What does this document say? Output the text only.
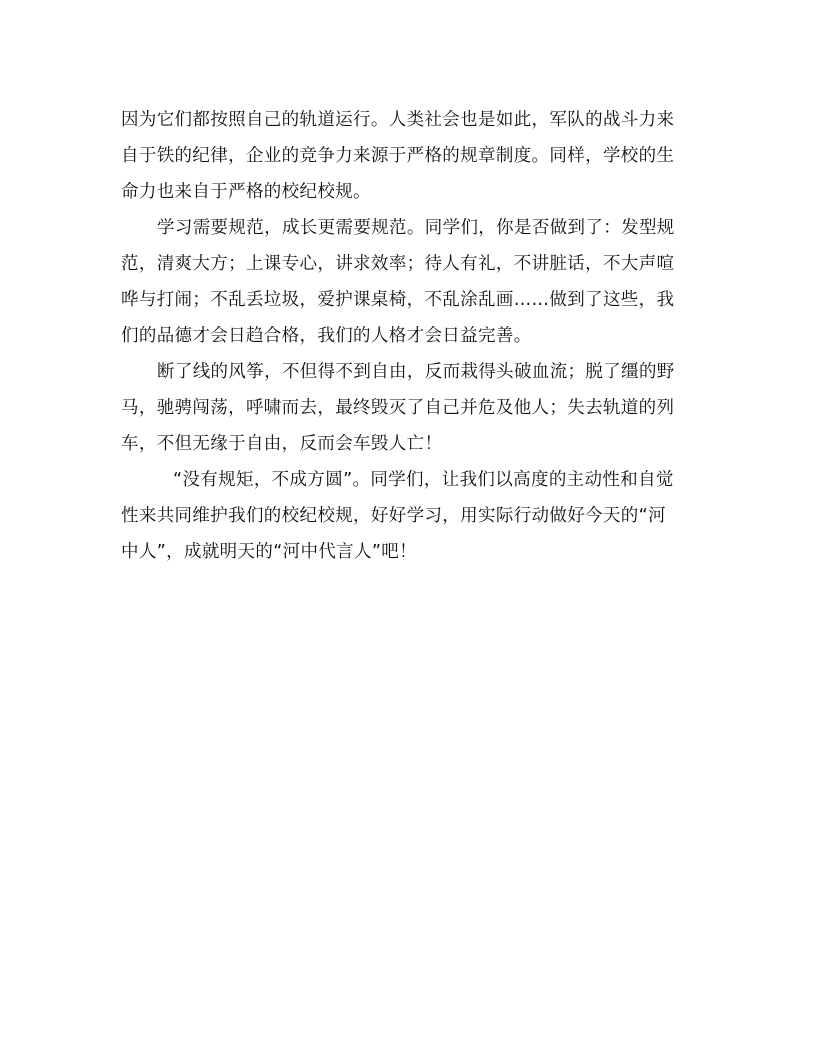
因为它们都按照自己的轨道运行。人类社会也是如此，军队的战斗力来
自于铁的纪律，企业的竞争力来源于严格的规章制度。同样，学校的生
命力也来自于严格的校纪校规。

学习需要规范，成长更需要规范。同学们，你是否做到了：发型规
范，清爽大方；上课专心，讲求效率；待人有礼，不讲脏话，不大声喧
哗与打闹；不乱丢垃圾，爱护课桌椅，不乱涂乱画……做到了这些，我
们的品德才会日趋合格，我们的人格才会日益完善。

断了线的风筝，不但得不到自由，反而栽得头破血流；脱了缰的野
马，驰骋闯荡，呼啸而去，最终毁灭了自己并危及他人；失去轨道的列
车，不但无缘于自由，反而会车毁人亡！

“没有规矩，不成方圆”。同学们，让我们以高度的主动性和自觉
性来共同维护我们的校纪校规，好好学习，用实际行动做好今天的“河
中人”，成就明天的“河中代言人”吧！
